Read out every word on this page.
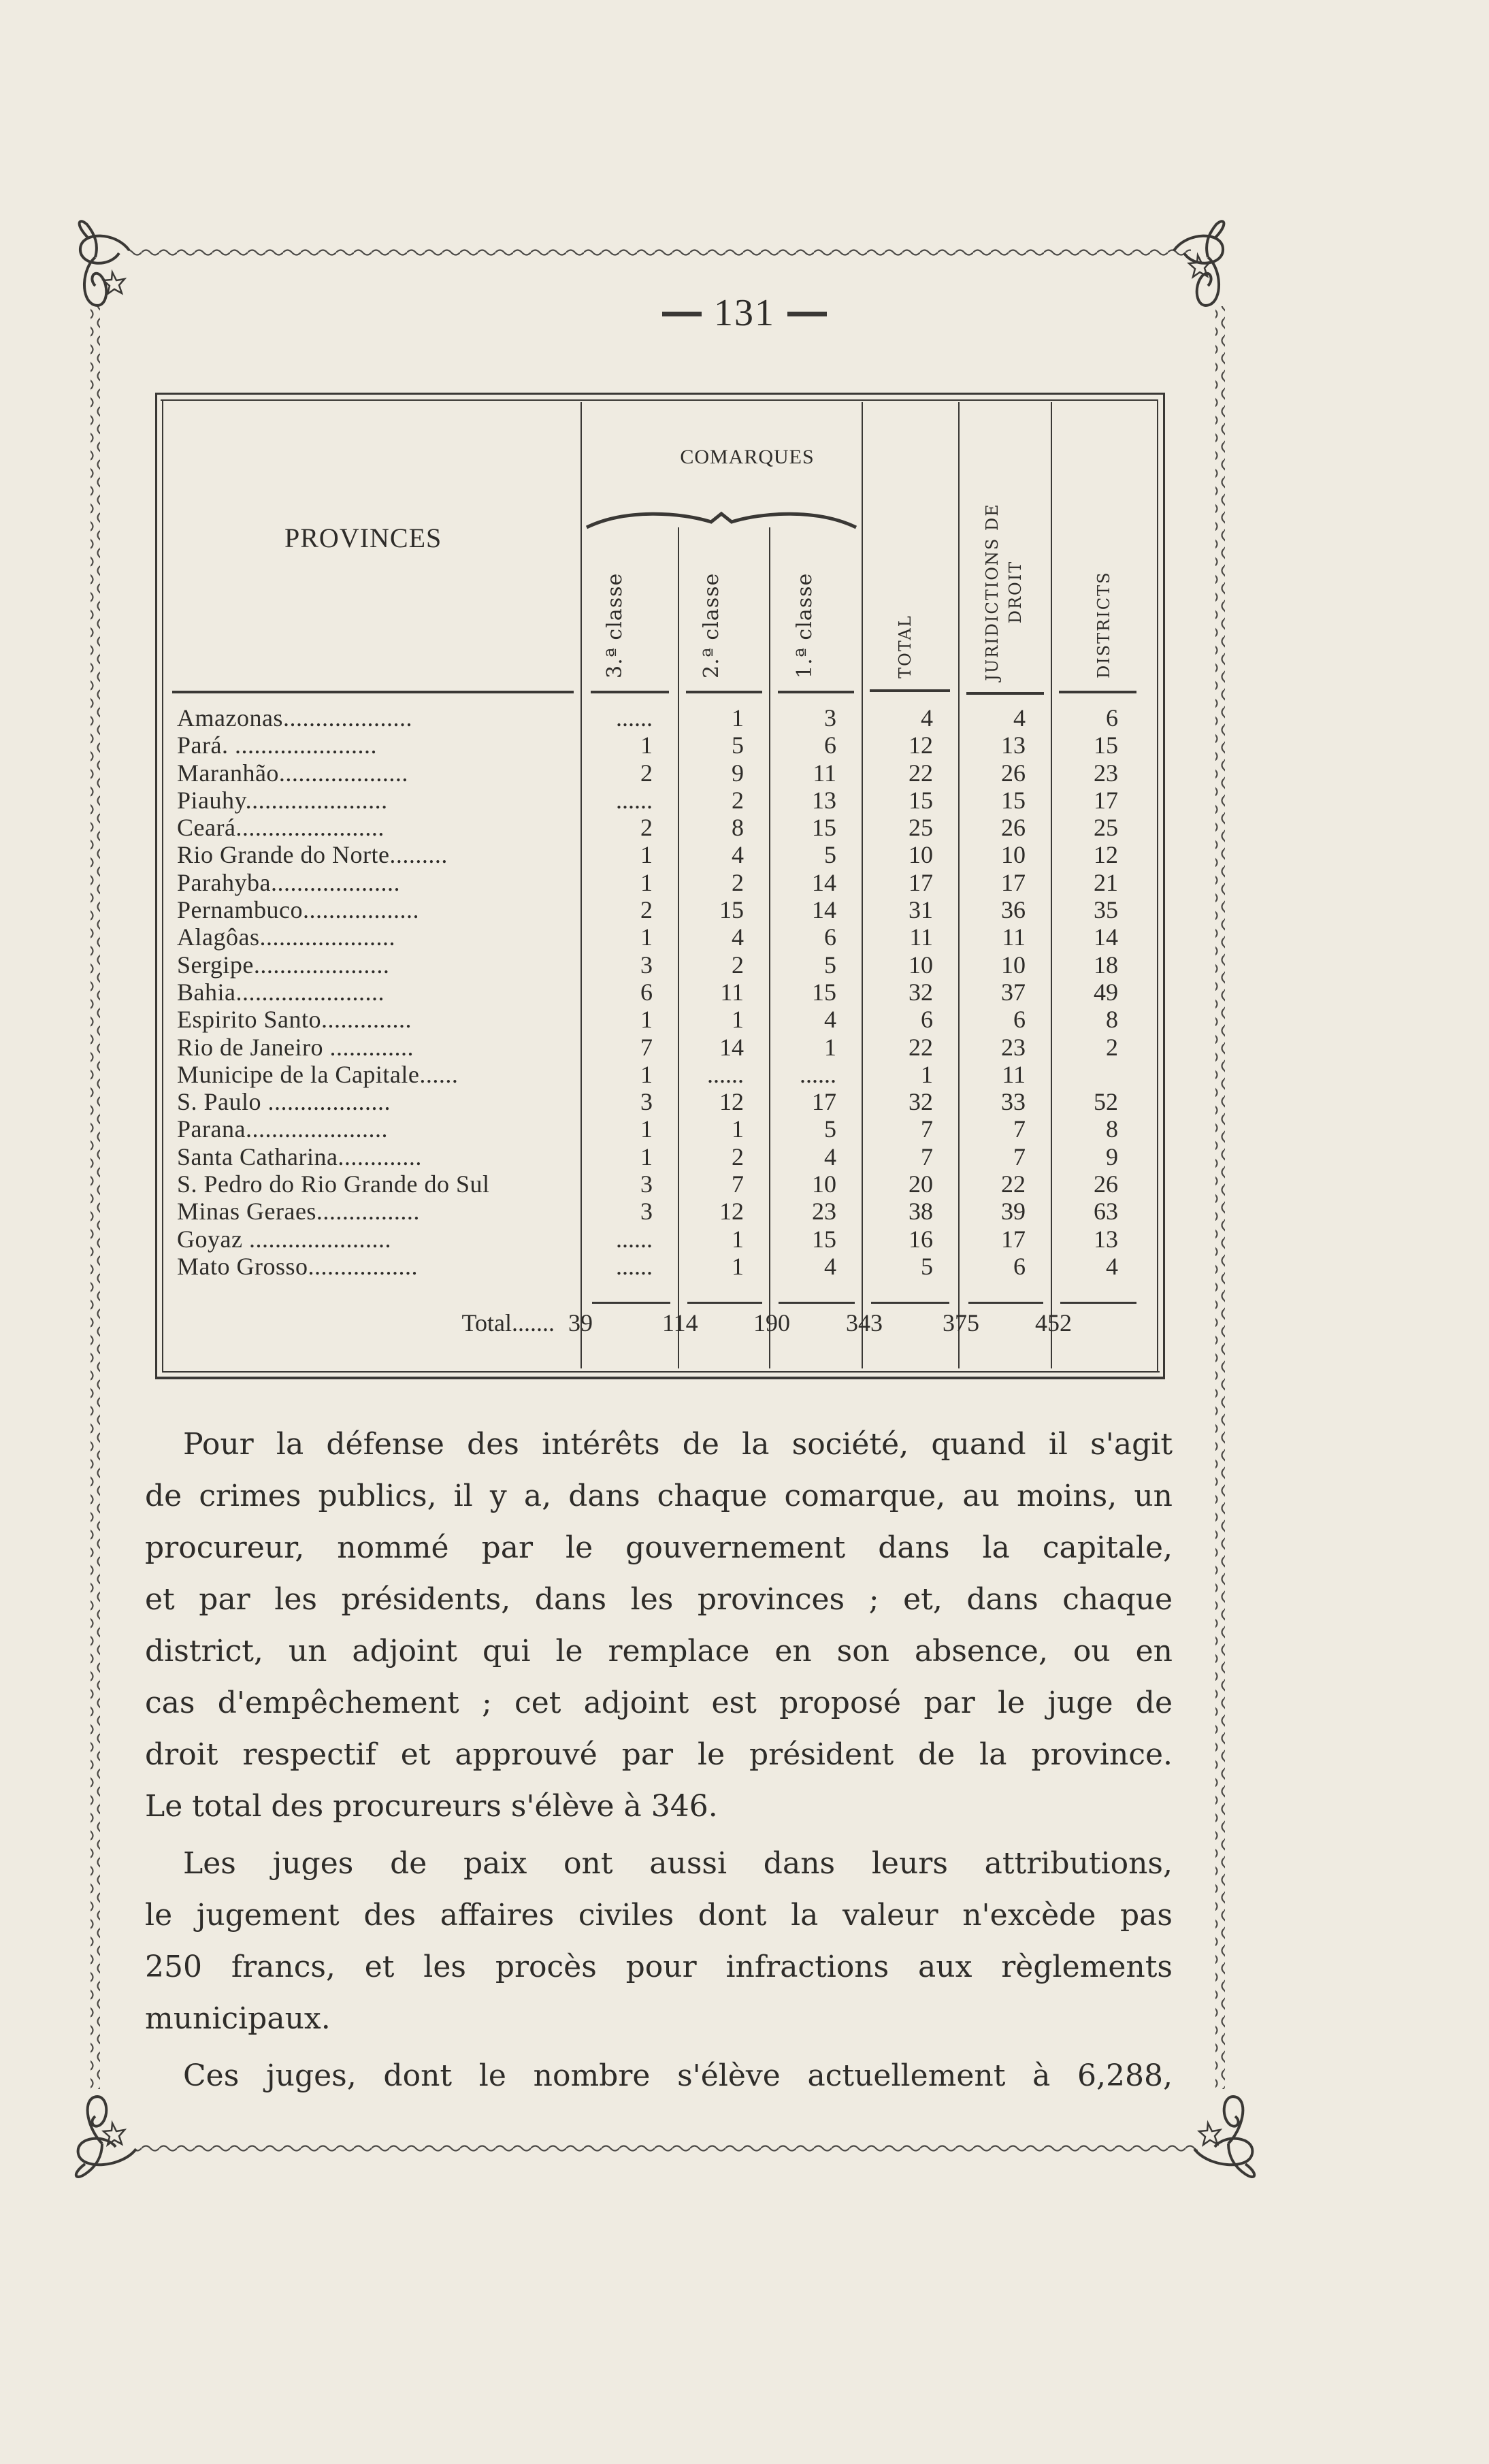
131
PROVINCES
COMARQUES
3.ª classe	2.ª classe	1.ª classe	TOTAL	JURIDICTIONS DE DROIT	DISTRICTS
Amazonas....................	......	1	3	4	4	6
Pará. ......................	1	5	6	12	13	15
Maranhão....................	2	9	11	22	26	23
Piauhy......................	......	2	13	15	15	17
Ceará.......................	2	8	15	25	26	25
Rio Grande do Norte.........	1	4	5	10	10	12
Parahyba....................	1	2	14	17	17	21
Pernambuco..................	2	15	14	31	36	35
Alagôas.....................	1	4	6	11	11	14
Sergipe.....................	3	2	5	10	10	18
Bahia.......................	6	11	15	32	37	49
Espirito Santo..............	1	1	4	6	6	8
Rio de Janeiro .............	7	14	1	22	23	2
Municipe de la Capitale......	1	......	......	1	11
S. Paulo ...................	3	12	17	32	33	52
Parana......................	1	1	5	7	7	8
Santa Catharina.............	1	2	4	7	7	9
S. Pedro do Rio Grande do Sul	3	7	10	20	22	26
Minas Geraes................	3	12	23	38	39	63
Goyaz ......................	......	1	15	16	17	13
Mato Grosso.................	......	1	4	5	6	4
Total....... 39	114	190	343	375	452
Pour la défense des intérêts de la société, quand il s'agit
de crimes publics, il y a, dans chaque comarque, au moins, un
procureur, nommé par le gouvernement dans la capitale,
et par les présidents, dans les provinces ; et, dans chaque
district, un adjoint qui le remplace en son absence, ou en
cas d'empêchement ; cet adjoint est proposé par le juge de
droit respectif et approuvé par le président de la province.
Le total des procureurs s'élève à 346.
Les juges de paix ont aussi dans leurs attributions,
le jugement des affaires civiles dont la valeur n'excède pas
250 francs, et les procès pour infractions aux règlements
municipaux.
Ces juges, dont le nombre s'élève actuellement à 6,288,
